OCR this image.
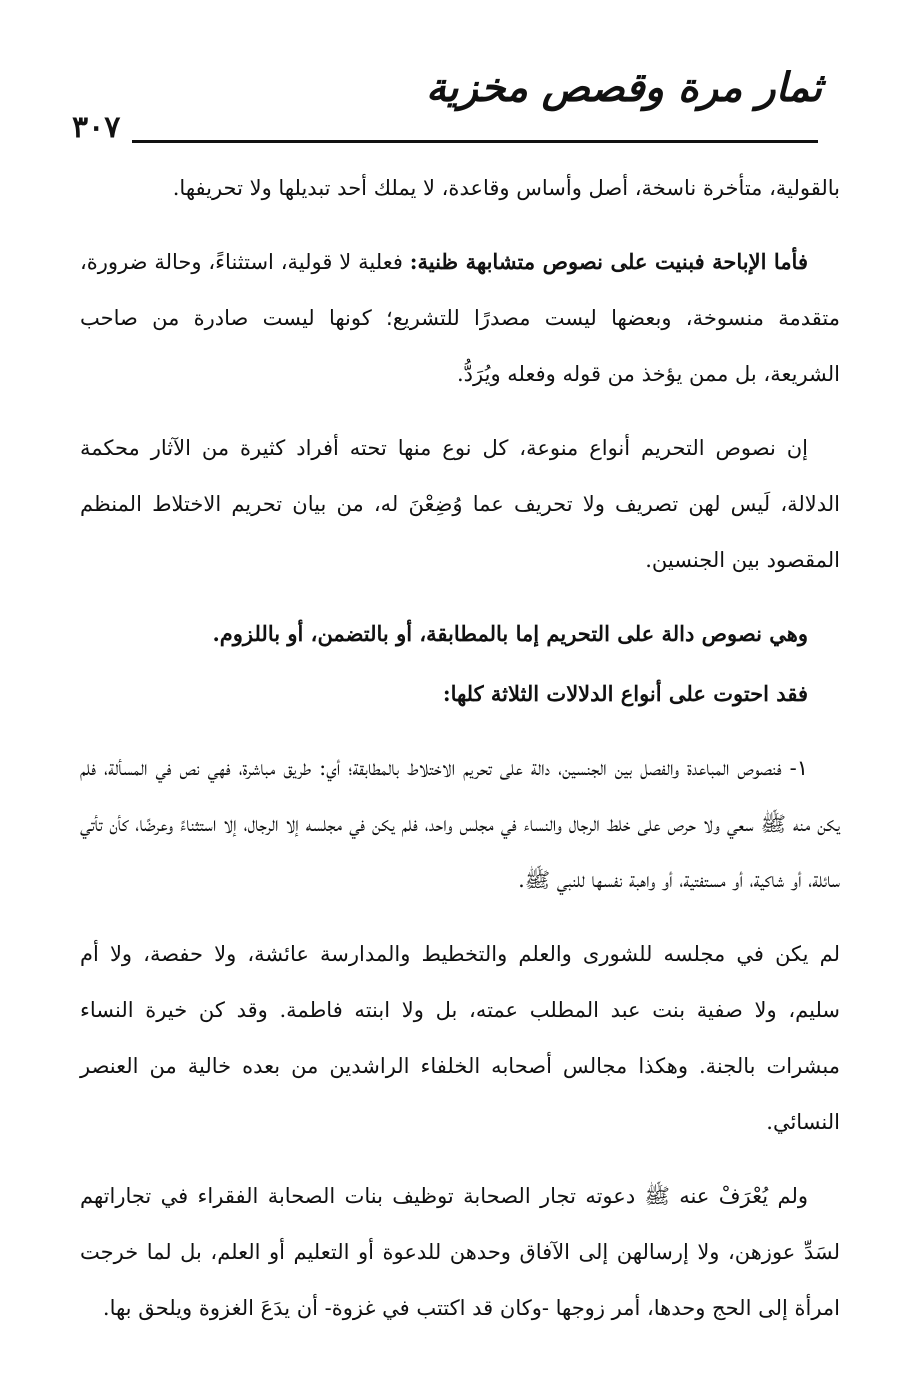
ثمار مرة وقصص مخزية
٣٠٧

بالقولية، متأخرة ناسخة، أصل وأساس وقاعدة، لا يملك أحد تبديلها ولا تحريفها.

فأما الإباحة فبنيت على نصوص متشابهة ظنية: فعلية لا قولية، استثناءً، وحالة ضرورة، متقدمة منسوخة، وبعضها ليست مصدرًا للتشريع؛ كونها ليست صادرة من صاحب الشريعة، بل ممن يؤخذ من قوله وفعله ويُرَدُّ.

إن نصوص التحريم أنواع منوعة، كل نوع منها تحته أفراد كثيرة من الآثار محكمة الدلالة، لَيس لهن تصريف ولا تحريف عما وُضِعْنَ له، من بيان تحريم الاختلاط المنظم المقصود بين الجنسين.

وهي نصوص دالة على التحريم إما بالمطابقة، أو بالتضمن، أو باللزوم.

فقد احتوت على أنواع الدلالات الثلاثة كلها:

١- فنصوص المباعدة والفصل بين الجنسين، دالة على تحريم الاختلاط بالمطابقة؛ أي: طريق مباشرة، فهي نص في المسألة، فلم يكن منه ﷺ سعي ولا حرص على خلط الرجال والنساء في مجلس واحد، فلم يكن في مجلسه إلا الرجال، إلا استثناءً وعرضًا، كأن تأتي سائلة، أو شاكية، أو مستفتية، أو واهبة نفسها للنبي ﷺ.

لم يكن في مجلسه للشورى والعلم والتخطيط والمدارسة عائشة، ولا حفصة، ولا أم سليم، ولا صفية بنت عبد المطلب عمته، بل ولا ابنته فاطمة. وقد كن خيرة النساء مبشرات بالجنة. وهكذا مجالس أصحابه الخلفاء الراشدين من بعده خالية من العنصر النسائي.

ولم يُعْرَفْ عنه ﷺ دعوته تجار الصحابة توظيف بنات الصحابة الفقراء في تجاراتهم لسَدِّ عوزهن، ولا إرسالهن إلى الآفاق وحدهن للدعوة أو التعليم أو العلم، بل لما خرجت امرأة إلى الحج وحدها، أمر زوجها -وكان قد اكتتب في غزوة- أن يدَعَ الغزوة ويلحق بها.
